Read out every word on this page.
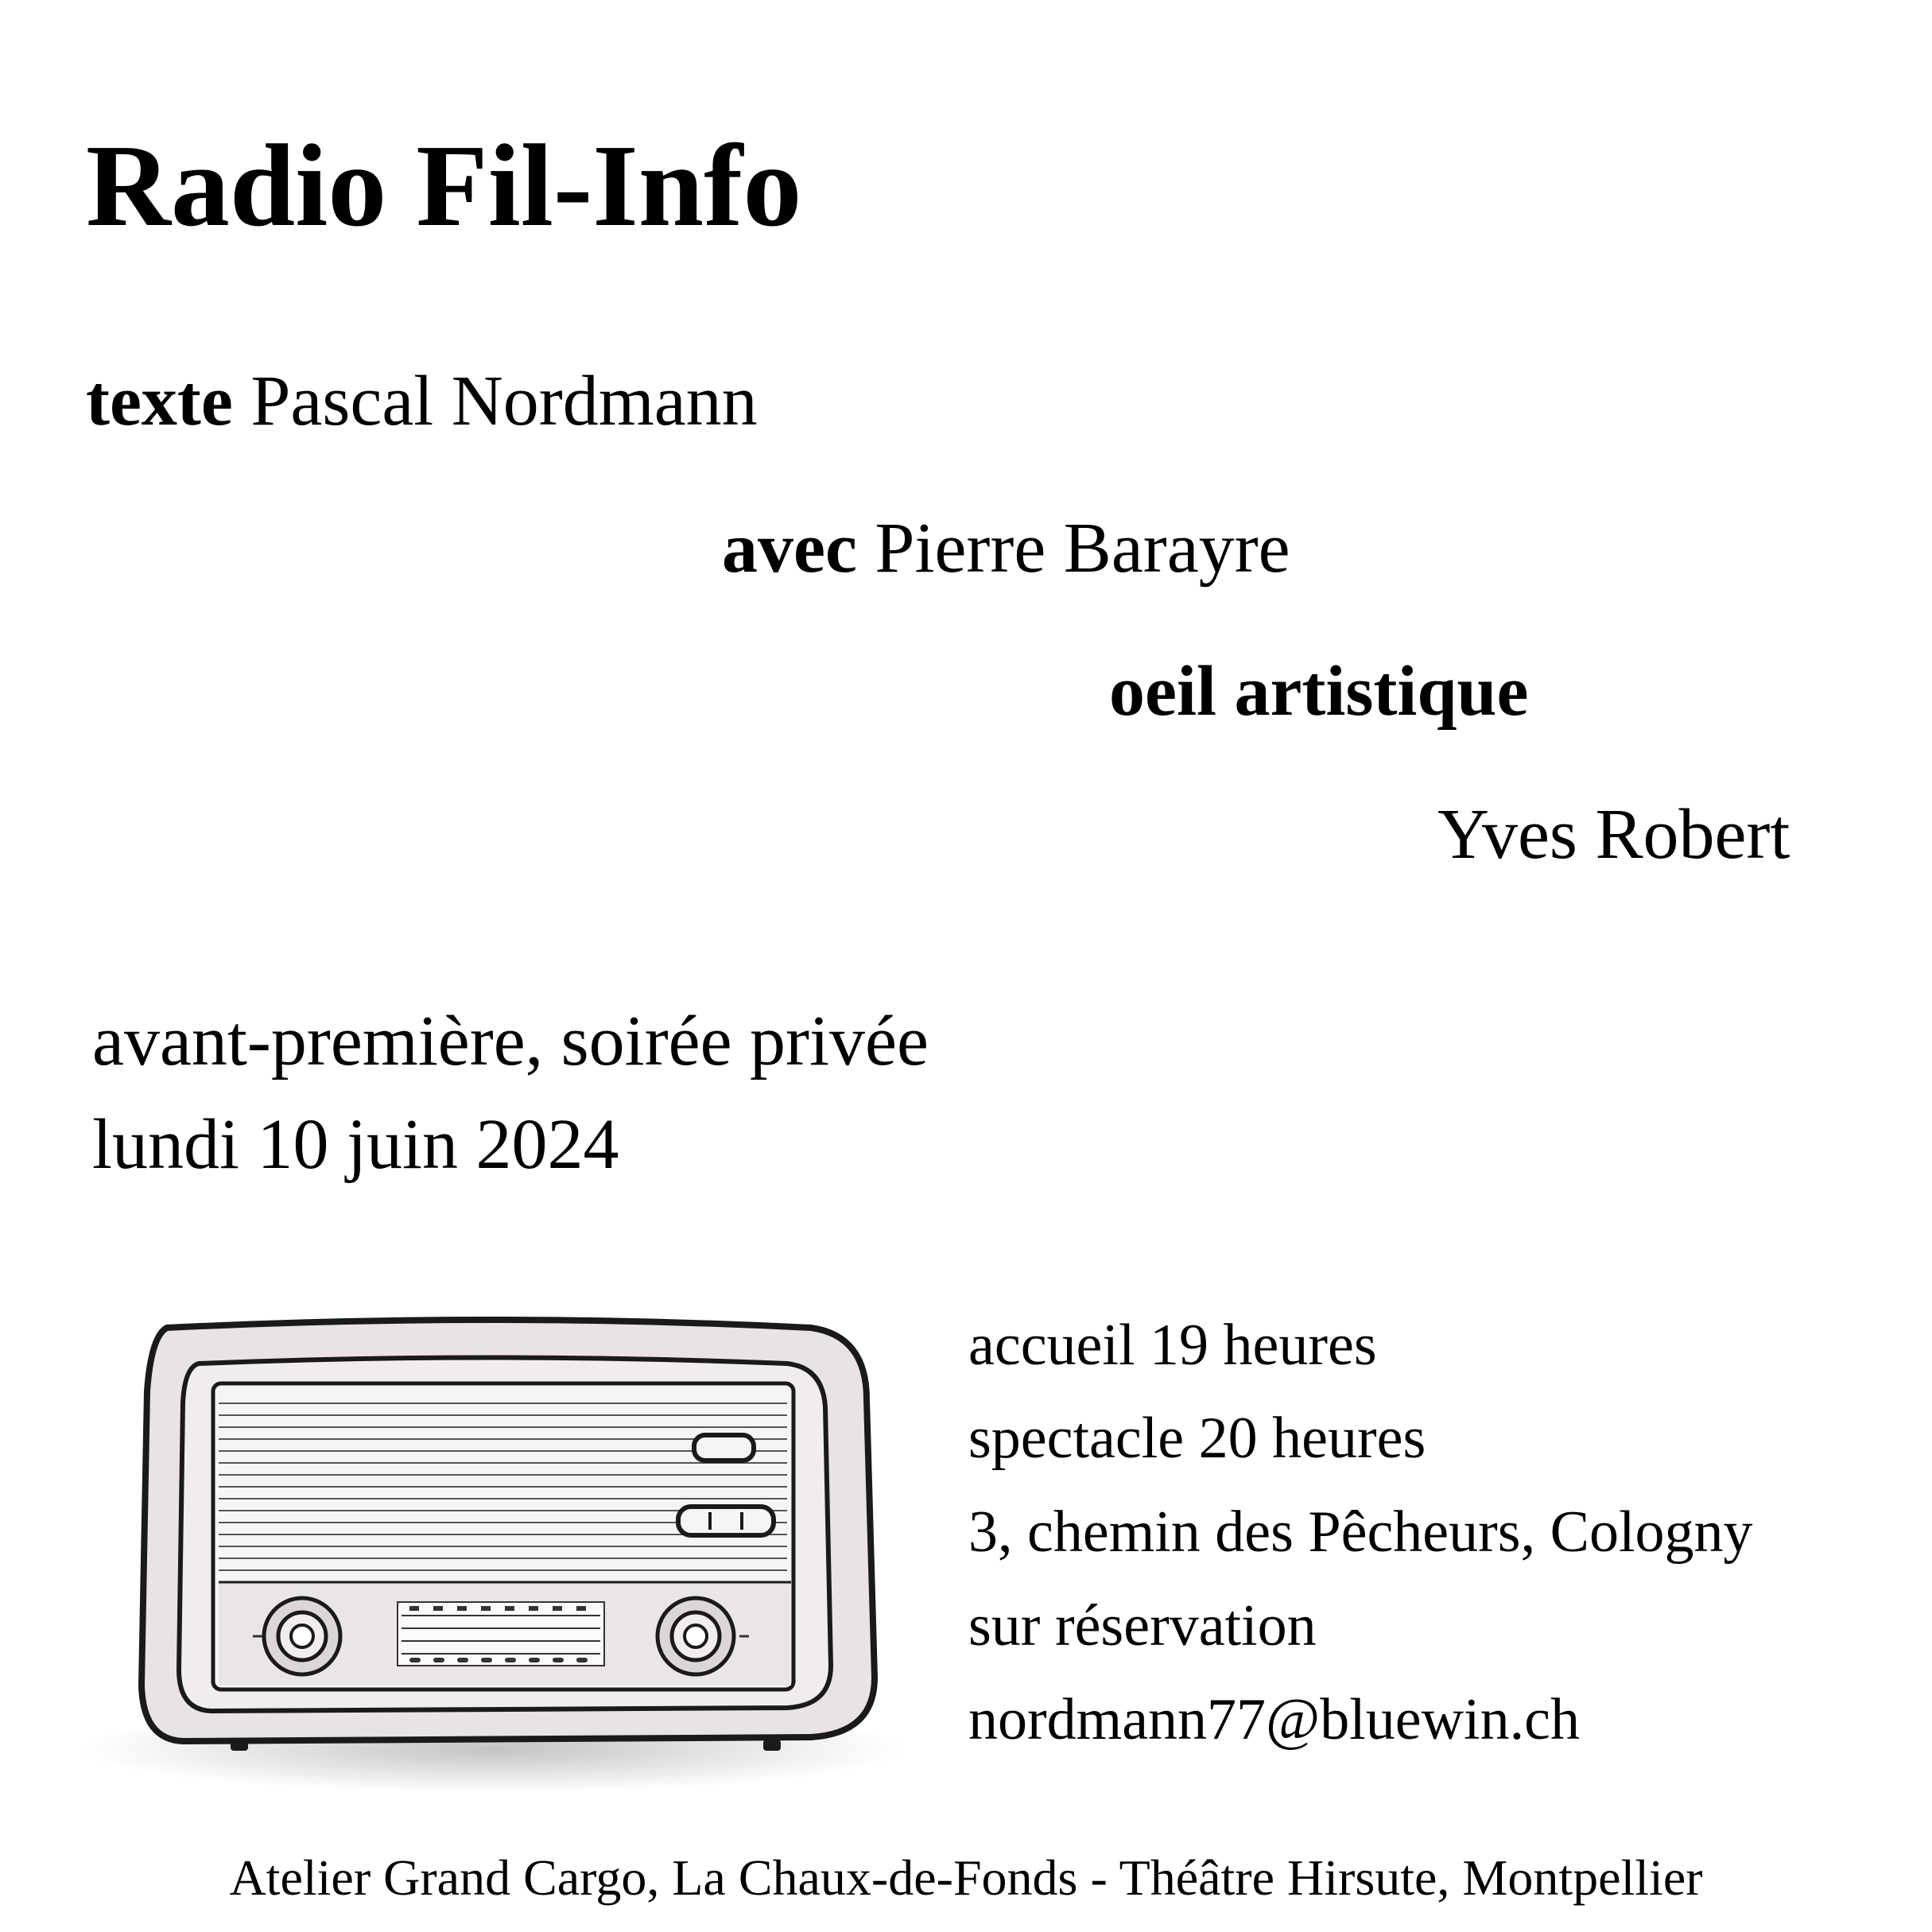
Radio Fil-Info
texte Pascal Nordmann
avec Pierre Barayre
oeil artistique
Yves Robert
avant-première, soirée privée
lundi 10 juin 2024
accueil 19 heures
spectacle 20 heures
3, chemin des Pêcheurs, Cologny
sur réservation
nordmann77@bluewin.ch
Atelier Grand Cargo, La Chaux-de-Fonds - Théâtre Hirsute, Montpellier
